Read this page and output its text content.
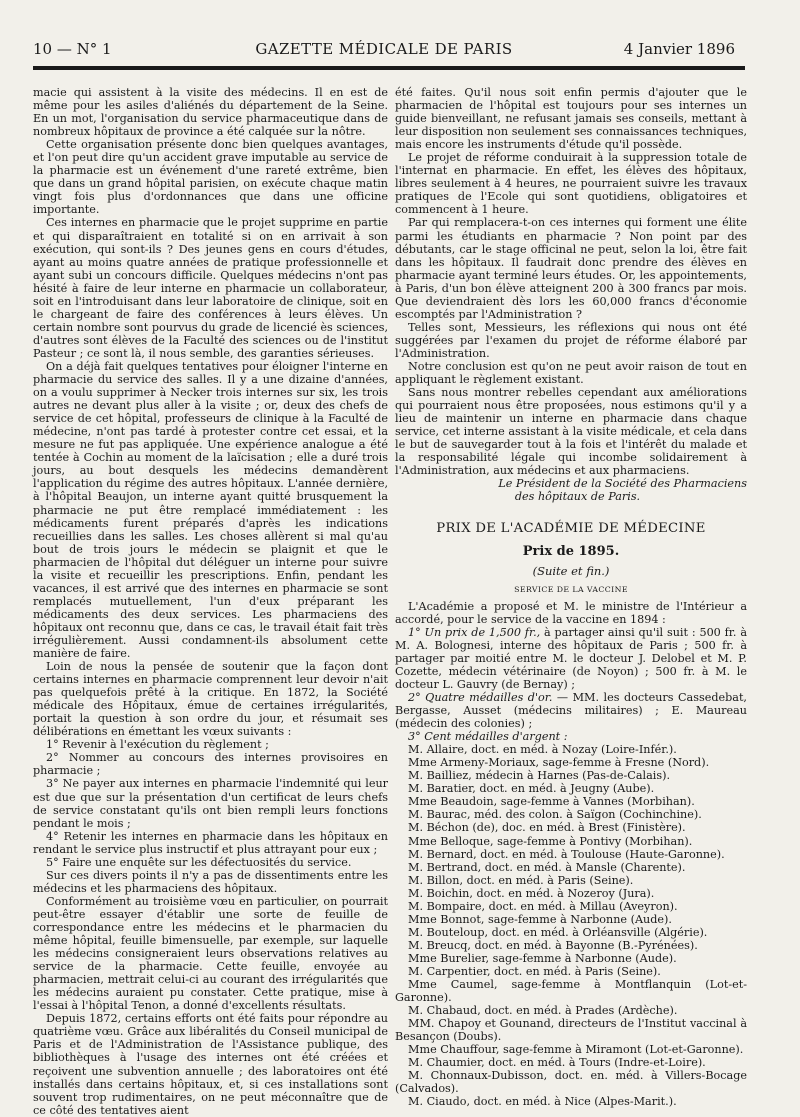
10 — N° 1	GAZETTE MÉDICALE DE PARIS	4 Janvier 1896

macie qui assistent à la visite des médecins. Il en est de même pour les asiles d'aliénés du département de la Seine. En un mot, l'organisation du service pharmaceutique dans de nombreux hôpitaux de province a été calquée sur la nôtre.

Cette organisation présente donc bien quelques avantages, et l'on peut dire qu'un accident grave imputable au service de la pharmacie est un événement d'une rareté extrême, bien que dans un grand hôpital parisien, on exécute chaque matin vingt fois plus d'ordonnances que dans une officine importante.

Ces internes en pharmacie que le projet supprime en partie et qui disparaîtraient en totalité si on en arrivait à son exécution, qui sont-ils ? Des jeunes gens en cours d'études, ayant au moins quatre années de pratique professionnelle et ayant subi un concours difficile. Quelques médecins n'ont pas hésité à faire de leur interne en pharmacie un collaborateur, soit en l'introduisant dans leur laboratoire de clinique, soit en le chargeant de faire des conférences à leurs élèves. Un certain nombre sont pourvus du grade de licencié ès sciences, d'autres sont élèves de la Faculté des sciences ou de l'institut Pasteur ; ce sont là, il nous semble, des garanties sérieuses.

On a déjà fait quelques tentatives pour éloigner l'interne en pharmacie du service des salles. Il y a une dizaine d'années, on a voulu supprimer à Necker trois internes sur six, les trois autres ne devant plus aller à la visite ; or, deux des chefs de service de cet hôpital, professeurs de clinique à la Faculté de médecine, n'ont pas tardé à protester contre cet essai, et la mesure ne fut pas appliquée. Une expérience analogue a été tentée à Cochin au moment de la laïcisation ; elle a duré trois jours, au bout desquels les médecins demandèrent l'application du régime des autres hôpitaux. L'année dernière, à l'hôpital Beaujon, un interne ayant quitté brusquement la pharmacie ne put être remplacé immédiatement : les médicaments furent préparés d'après les indications recueillies dans les salles. Les choses allèrent si mal qu'au bout de trois jours le médecin se plaignit et que le pharmacien de l'hôpital dut déléguer un interne pour suivre la visite et recueillir les prescriptions. Enfin, pendant les vacances, il est arrivé que des internes en pharmacie se sont remplacés mutuellement, l'un d'eux préparant les médicaments des deux services. Les pharmaciens des hôpitaux ont reconnu que, dans ce cas, le travail était fait très irrégulièrement. Aussi condamnent-ils absolument cette manière de faire.

Loin de nous la pensée de soutenir que la façon dont certains internes en pharmacie comprennent leur devoir n'ait pas quelquefois prêté à la critique. En 1872, la Société médicale des Hôpitaux, émue de certaines irrégularités, portait la question à son ordre du jour, et résumait ses délibérations en émettant les vœux suivants :

1° Revenir à l'exécution du règlement ;

2° Nommer au concours des internes provisoires en pharmacie ;

3° Ne payer aux internes en pharmacie l'indemnité qui leur est due que sur la présentation d'un certificat de leurs chefs de service constatant qu'ils ont bien rempli leurs fonctions pendant le mois ;

4° Retenir les internes en pharmacie dans les hôpitaux en rendant le service plus instructif et plus attrayant pour eux ;

5° Faire une enquête sur les défectuosités du service.

Sur ces divers points il n'y a pas de dissentiments entre les médecins et les pharmaciens des hôpitaux.

Conformément au troisième vœu en particulier, on pourrait peut-être essayer d'établir une sorte de feuille de correspondance entre les médecins et le pharmacien du même hôpital, feuille bimensuelle, par exemple, sur laquelle les médecins consigneraient leurs observations relatives au service de la pharmacie. Cette feuille, envoyée au pharmacien, mettrait celui-ci au courant des irrégularités que les médecins auraient pu constater. Cette pratique, mise à l'essai à l'hôpital Tenon, a donné d'excellents résultats.

Depuis 1872, certains efforts ont été faits pour répondre au quatrième vœu. Grâce aux libéralités du Conseil municipal de Paris et de l'Administration de l'Assistance publique, des bibliothèques à l'usage des internes ont été créées et reçoivent une subvention annuelle ; des laboratoires ont été installés dans certains hôpitaux, et, si ces installations sont souvent trop rudimentaires, on ne peut méconnaître que de ce côté des tentatives aient

été faites. Qu'il nous soit enfin permis d'ajouter que le pharmacien de l'hôpital est toujours pour ses internes un guide bienveillant, ne refusant jamais ses conseils, mettant à leur disposition non seulement ses connaissances techniques, mais encore les instruments d'étude qu'il possède.

Le projet de réforme conduirait à la suppression totale de l'internat en pharmacie. En effet, les élèves des hôpitaux, libres seulement à 4 heures, ne pourraient suivre les travaux pratiques de l'Ecole qui sont quotidiens, obligatoires et commencent à 1 heure.

Par qui remplacera-t-on ces internes qui forment une élite parmi les étudiants en pharmacie ? Non point par des débutants, car le stage officinal ne peut, selon la loi, être fait dans les hôpitaux. Il faudrait donc prendre des élèves en pharmacie ayant terminé leurs études. Or, les appointements, à Paris, d'un bon élève atteignent 200 à 300 francs par mois. Que deviendraient dès lors les 60,000 francs d'économie escomptés par l'Administration ?

Telles sont, Messieurs, les réflexions qui nous ont été suggérées par l'examen du projet de réforme élaboré par l'Administration.

Notre conclusion est qu'on ne peut avoir raison de tout en appliquant le règlement existant.

Sans nous montrer rebelles cependant aux améliorations qui pourraient nous être proposées, nous estimons qu'il y a lieu de maintenir un interne en pharmacie dans chaque service, cet interne assistant à la visite médicale, et cela dans le but de sauvegarder tout à la fois et l'intérêt du malade et la responsabilité légale qui incombe solidairement à l'Administration, aux médecins et aux pharmaciens.

Le Président de la Société des Pharmaciens

des hôpitaux de Paris.

PRIX DE L'ACADÉMIE DE MÉDECINE
Prix de 1895.
(Suite et fin.)
SERVICE DE LA VACCINE

L'Académie a proposé et M. le ministre de l'Intérieur a accordé, pour le service de la vaccine en 1894 :

1° Un prix de 1,500 fr., à partager ainsi qu'il suit : 500 fr. à M. A. Bolognesi, interne des hôpitaux de Paris ; 500 fr. à partager par moitié entre M. le docteur J. Delobel et M. P. Cozette, médecin vétérinaire (de Noyon) ; 500 fr. à M. le docteur L. Gauvry (de Bernay) ;

2° Quatre médailles d'or. — MM. les docteurs Cassedebat, Bergasse, Ausset (médecins militaires) ; E. Maureau (médecin des colonies) ;

3° Cent médailles d'argent :

M. Allaire, doct. en méd. à Nozay (Loire-Infér.).

Mme Armeny-Moriaux, sage-femme à Fresne (Nord).

M. Bailliez, médecin à Harnes (Pas-de-Calais).

M. Baratier, doct. en méd. à Jeugny (Aube).

Mme Beaudoin, sage-femme à Vannes (Morbihan).

M. Baurac, méd. des colon. à Saïgon (Cochinchine).

M. Béchon (de), doc. en méd. à Brest (Finistère).

Mme Belloque, sage-femme à Pontivy (Morbihan).

M. Bernard, doct. en méd. à Toulouse (Haute-Garonne).

M. Bertrand, doct. en méd. à Mansle (Charente).

M. Billon, doct. en méd. à Paris (Seine).

M. Boichin, doct. en méd. à Nozeroy (Jura).

M. Bompaire, doct. en méd. à Millau (Aveyron).

Mme Bonnot, sage-femme à Narbonne (Aude).

M. Bouteloup, doct. en méd. à Orléansville (Algérie).

M. Breucq, doct. en méd. à Bayonne (B.-Pyrénées).

Mme Burelier, sage-femme à Narbonne (Aude).

M. Carpentier, doct. en méd. à Paris (Seine).

Mme Caumel, sage-femme à Montflanquin (Lot-et-Garonne).

M. Chabaud, doct. en méd. à Prades (Ardèche).

MM. Chapoy et Gounand, directeurs de l'Institut vaccinal à Besançon (Doubs).

Mme Chauffour, sage-femme à Miramont (Lot-et-Garonne).

M. Chaumier, doct. en méd. à Tours (Indre-et-Loire).

M. Chonnaux-Dubisson, doct. en. méd. à Villers-Bocage (Calvados).

M. Ciaudo, doct. en méd. à Nice (Alpes-Marit.).
